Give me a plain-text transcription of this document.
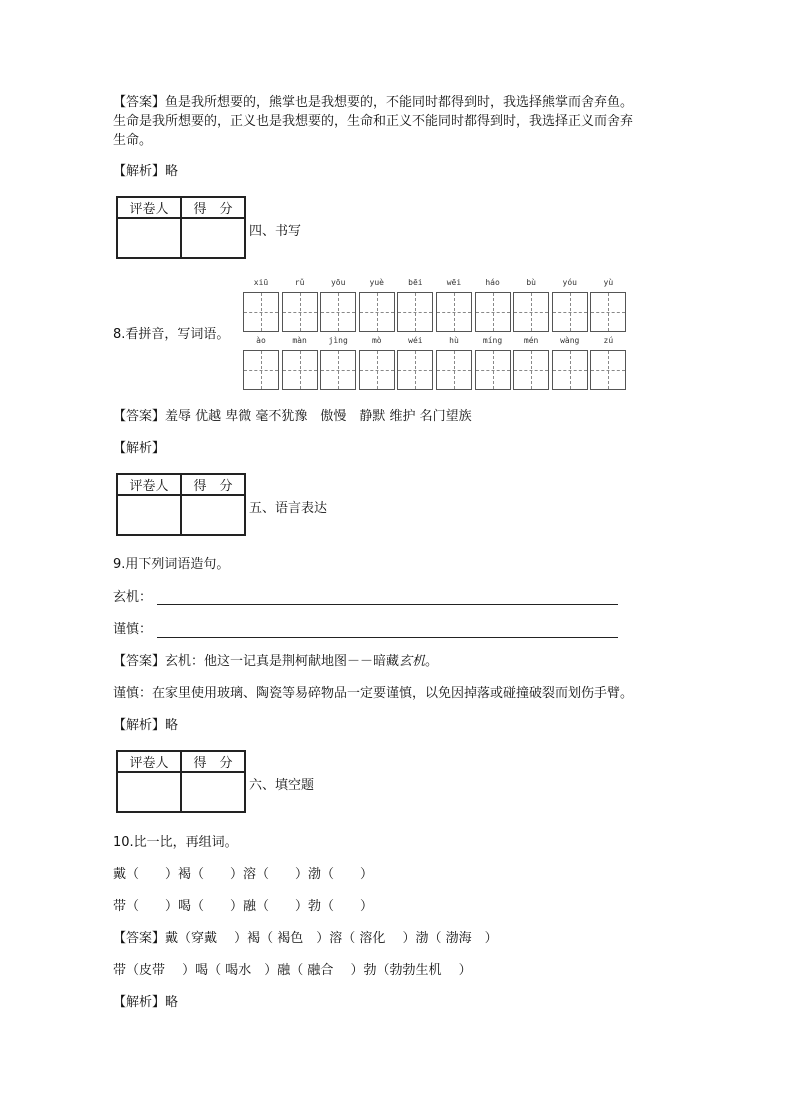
【答案】鱼是我所想要的，熊掌也是我想要的，不能同时都得到时，我选择熊掌而舍弃鱼。
生命是我所想要的，正义也是我想要的，生命和正义不能同时都得到时，我选择正义而舍弃
生命。
【解析】略
评卷人	得　分

四、书写
xiū	rǔ	yōu	yuè	bēi	wēi	háo	bù	yóu	yù
8.看拼音，写词语。	ào	màn	jìng	mò	wéi	hù	míng	mén	wàng	zú
【答案】羞辱 优越 卑微 毫不犹豫　傲慢　静默 维护 名门望族
【解析】
评卷人	得　分

五、语言表达
9.用下列词语造句。
玄机：
谨慎：
【答案】玄机：他这一记真是荆柯献地图－－暗藏玄机。
谨慎：在家里使用玻璃、陶瓷等易碎物品一定要谨慎，以免因掉落或碰撞破裂而划伤手臂。
【解析】略
评卷人	得　分

六、填空题
10.比一比，再组词。
戴（　　）褐（　　）溶（　　）渤（　　）
带（　　）喝（　　）融（　　）勃（　　）
【答案】戴（穿戴　 ）褐（ 褐色　）溶（ 溶化　 ）渤（ 渤海　）
带（皮带　 ）喝（ 喝水　）融（ 融合　 ）勃（勃勃生机　 ）
【解析】略
